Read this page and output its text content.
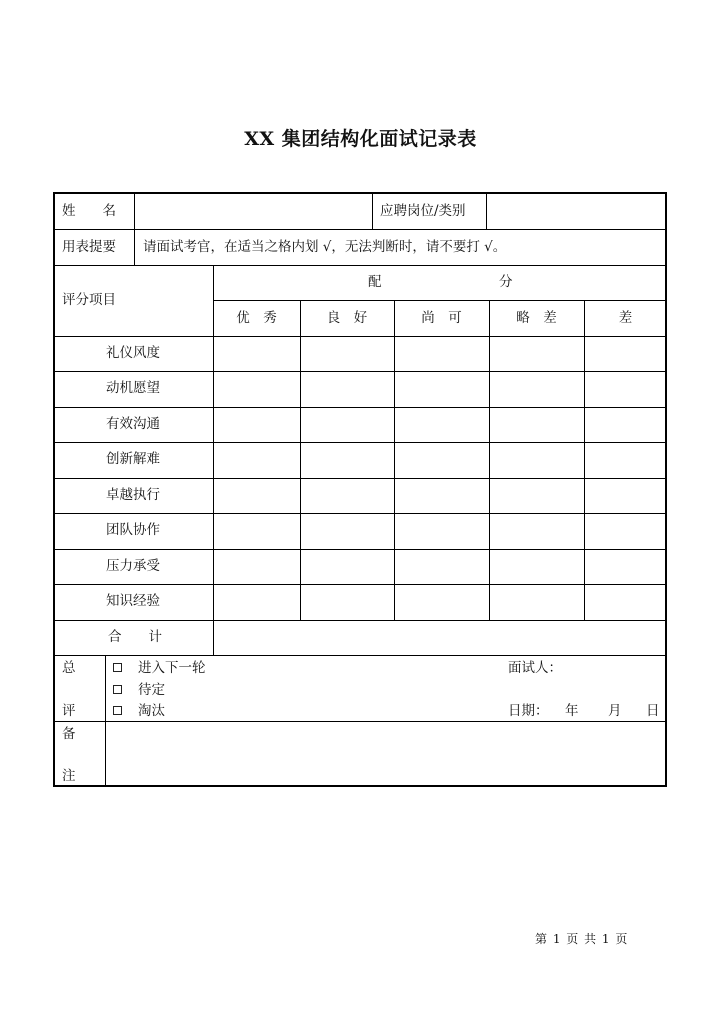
XX 集团结构化面试记录表
姓　　名	应聘岗位/类别
用表提要 请面试考官，在适当之格内划 √，无法判断时，请不要打 √。
评分项目
配	分
优　秀	良　好	尚　可	略　差	差
礼仪风度
动机愿望
有效沟通
创新解难
卓越执行
团队协作
压力承受
知识经验
合　　计
总
评
进入下一轮
待定
淘汰
面试人：
日期： 年 月 日
备
注
第 1 页 共 1 页
